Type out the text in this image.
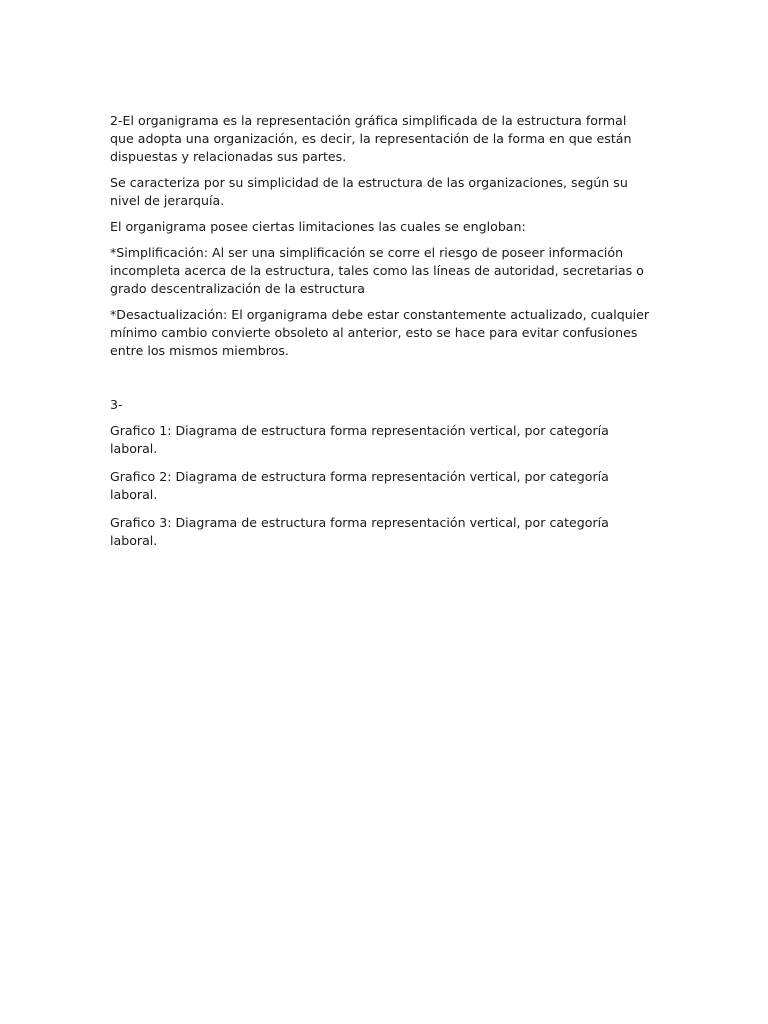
2-El organigrama es la representación gráfica simplificada de la estructura formal que adopta una organización, es decir, la representación de la forma en que están dispuestas y relacionadas sus partes.

Se caracteriza por su simplicidad de la estructura de las organizaciones, según su nivel de jerarquía.

El organigrama posee ciertas limitaciones las cuales se engloban:

*Simplificación: Al ser una simplificación se corre el riesgo de poseer información incompleta acerca de la estructura, tales como las líneas de autoridad, secretarias o grado descentralización de la estructura

*Desactualización: El organigrama debe estar constantemente actualizado, cualquier mínimo cambio convierte obsoleto al anterior, esto se hace para evitar confusiones entre los mismos miembros.

3-

Grafico 1: Diagrama de estructura forma representación vertical, por categoría laboral.

Grafico 2: Diagrama de estructura forma representación vertical, por categoría laboral.

Grafico 3: Diagrama de estructura forma representación vertical, por categoría laboral.
